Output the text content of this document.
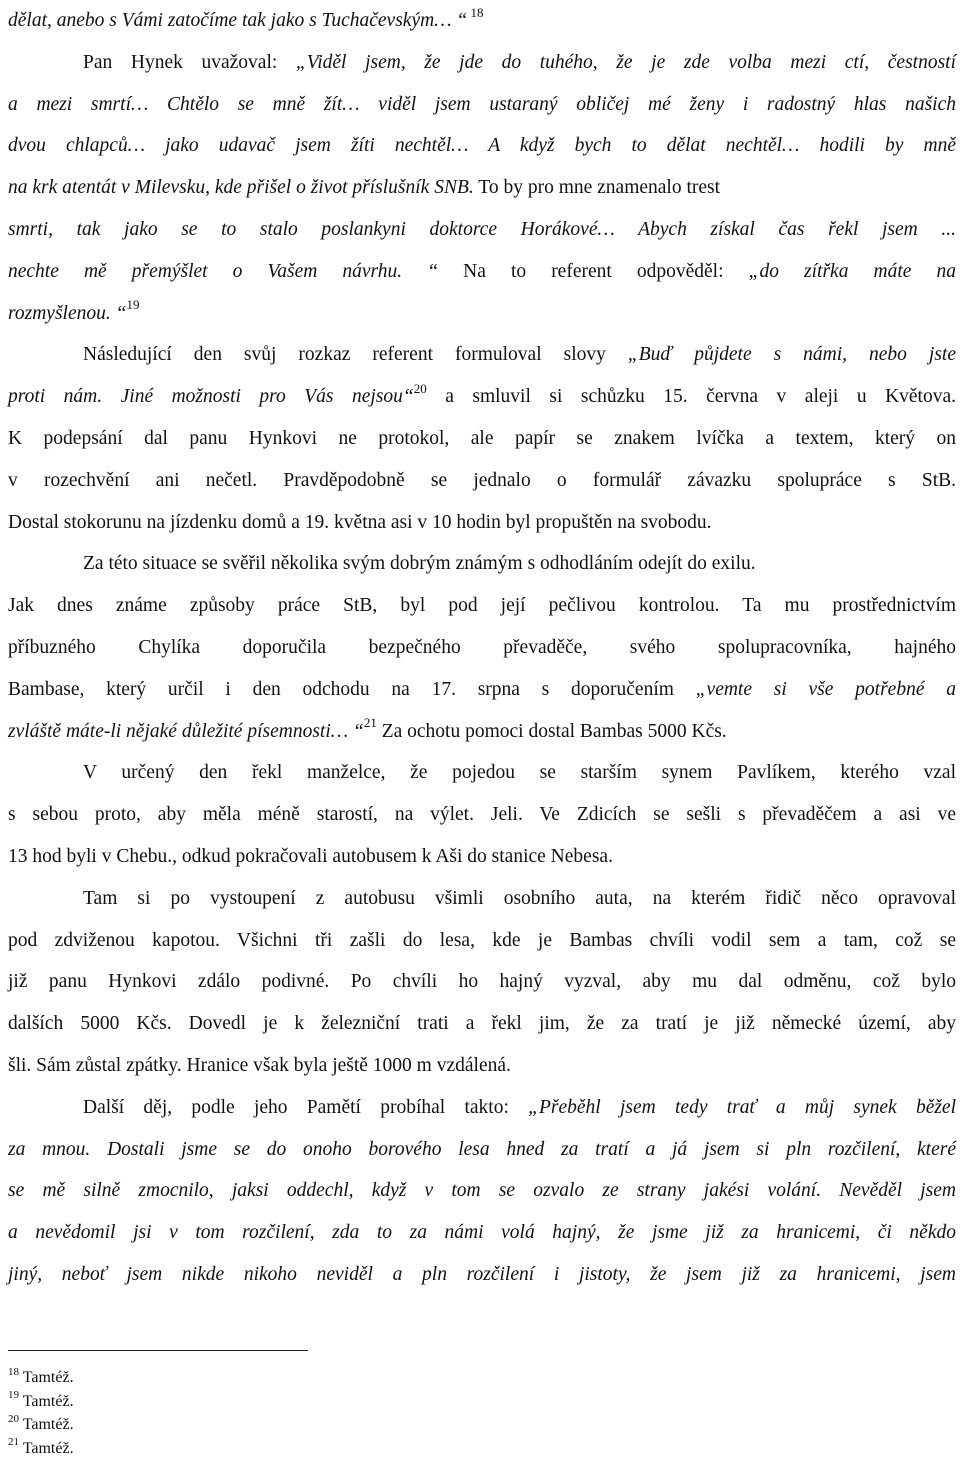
dělat, anebo s Vámi zatočíme tak jako s Tuchačevským… “ $^{18}$
Pan Hynek uvažoval: „Viděl jsem, že jde do tuhého, že je zde volba mezi ctí, čestností
a mezi smrtí… Chtělo se mně žít… viděl jsem ustaraný obličej mé ženy i radostný hlas našich
dvou chlapců… jako udavač jsem žíti nechtěl… A když bych to dělat nechtěl… hodili by mně
na krk atentát v Milevsku, kde přišel o život příslušník SNB. To by pro mne znamenalo trest
smrti, tak jako se to stalo poslankyni doktorce Horákové… Abych získal čas řekl jsem ...
nechte mě přemýšlet o Vašem návrhu. “ Na to referent odpověděl: „do zítřka máte na
rozmyšlenou. “$^{19}$
Následující den svůj rozkaz referent formuloval slovy „Buď půjdete s námi, nebo jste
proti nám. Jiné možnosti pro Vás nejsou“$^{20}$ a smluvil si schůzku 15. června v aleji u Květova.
K podepsání dal panu Hynkovi ne protokol, ale papír se znakem lvíčka a textem, který on
v rozechvění ani nečetl. Pravděpodobně se jednalo o formulář závazku spolupráce s StB.
Dostal stokorunu na jízdenku domů a 19. května asi v 10 hodin byl propuštěn na svobodu.
Za této situace se svěřil několika svým dobrým známým s odhodláním odejít do exilu.
Jak dnes známe způsoby práce StB, byl pod její pečlivou kontrolou. Ta mu prostřednictvím
příbuzného Chylíka doporučila bezpečného převaděče, svého spolupracovníka, hajného
Bambase, který určil i den odchodu na 17. srpna s doporučením „vemte si vše potřebné a
zvláště máte-li nějaké důležité písemnosti… “$^{21}$ Za ochotu pomoci dostal Bambas 5000 Kčs.
V určený den řekl manželce, že pojedou se starším synem Pavlíkem, kterého vzal
s sebou proto, aby měla méně starostí, na výlet. Jeli. Ve Zdicích se sešli s převaděčem a asi ve
13 hod byli v Chebu., odkud pokračovali autobusem k Aši do stanice Nebesa.
Tam si po vystoupení z autobusu všimli osobního auta, na kterém řidič něco opravoval
pod zdviženou kapotou. Všichni tři zašli do lesa, kde je Bambas chvíli vodil sem a tam, což se
již panu Hynkovi zdálo podivné. Po chvíli ho hajný vyzval, aby mu dal odměnu, což bylo
dalších 5000 Kčs. Dovedl je k železniční trati a řekl jim, že za tratí je již německé území, aby
šli. Sám zůstal zpátky. Hranice však byla ještě 1000 m vzdálená.
Další děj, podle jeho Pamětí probíhal takto: „Přeběhl jsem tedy trať a můj synek běžel
za mnou. Dostali jsme se do onoho borového lesa hned za tratí a já jsem si pln rozčilení, které
se mě silně zmocnilo, jaksi oddechl, když v tom se ozvalo ze strany jakési volání. Nevěděl jsem
a nevědomil jsi v tom rozčilení, zda to za námi volá hajný, že jsme již za hranicemi, či někdo
jiný, neboť jsem nikde nikoho neviděl a pln rozčilení i jistoty, že jsem již za hranicemi, jsem
$^{18}$ Tamtéž.
$^{19}$ Tamtéž.
$^{20}$ Tamtéž.
$^{21}$ Tamtéž.
